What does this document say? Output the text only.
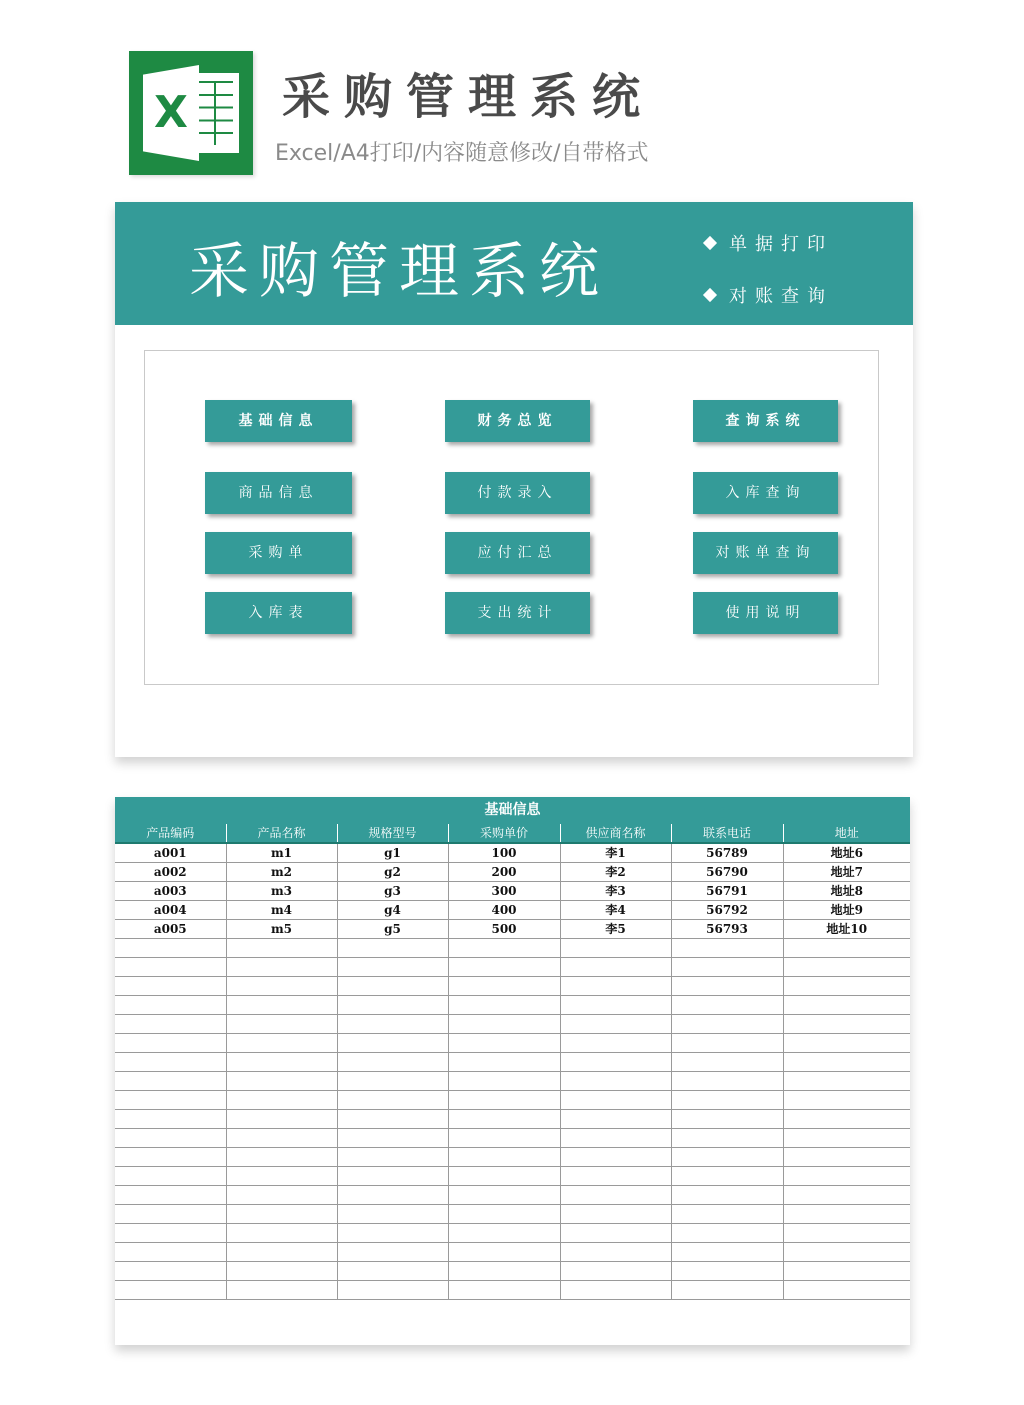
X 采购管理系统
Excel/A4打印/内容随意修改/自带格式
采购管理系统	单据打印
对账查询
基础信息
商品信息
采购单
入库表
财务总览
付款录入
应付汇总
支出统计
查询系统
入库查询
对账单查询
使用说明
基础信息
产品编码	产品名称	规格型号	采购单价	供应商名称	联系电话	地址
a001	m1	g1	100	李1	56789	地址6
a002	m2	g2	200	李2	56790	地址7
a003	m3	g3	300	李3	56791	地址8
a004	m4	g4	400	李4	56792	地址9
a005	m5	g5	500	李5	56793	地址10
